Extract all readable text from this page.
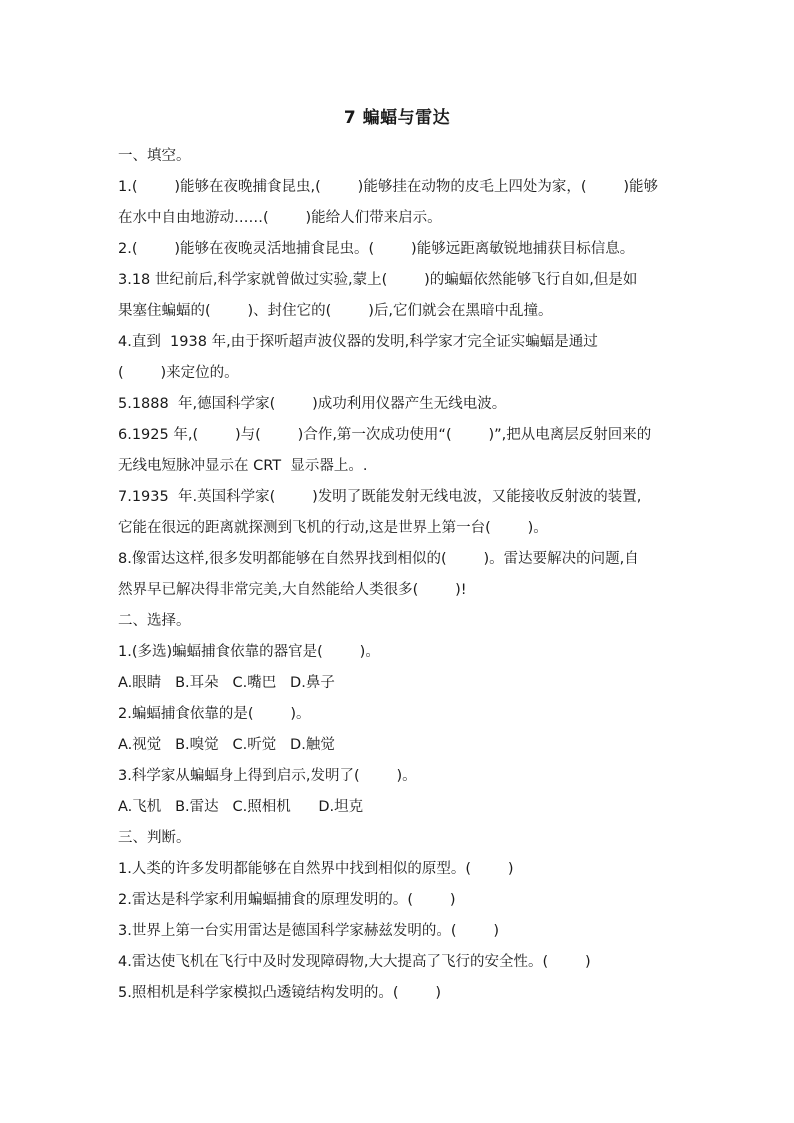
7 蝙蝠与雷达
一、填空。
1.(        )能够在夜晚捕食昆虫,(        )能够挂在动物的皮毛上四处为家，(        )能够
在水中自由地游动……(        )能给人们带来启示。
2.(        )能够在夜晚灵活地捕食昆虫。(        )能够远距离敏锐地捕获目标信息。
3.18 世纪前后,科学家就曾做过实验,蒙上(        )的蝙蝠依然能够飞行自如,但是如
果塞住蝙蝠的(        )、封住它的(        )后,它们就会在黑暗中乱撞。
4.直到  1938 年,由于探听超声波仪器的发明,科学家才完全证实蝙蝠是通过
(        )来定位的。
5.1888  年,德国科学家(        )成功利用仪器产生无线电波。
6.1925 年,(        )与(        )合作,第一次成功使用“(        )”,把从电离层反射回来的
无线电短脉冲显示在 CRT  显示器上。.
7.1935  年.英国科学家(        )发明了既能发射无线电波，又能接收反射波的装置,
它能在很远的距离就探测到飞机的行动,这是世界上第一台(        )。
8.像雷达这样,很多发明都能够在自然界找到相似的(        )。雷达要解决的问题,自
然界早已解决得非常完美,大自然能给人类很多(        )!
二、选择。
1.(多选)蝙蝠捕食依靠的器官是(        )。
A.眼睛   B.耳朵   C.嘴巴   D.鼻子
2.蝙蝠捕食依靠的是(        )。
A.视觉   B.嗅觉   C.听觉   D.触觉
3.科学家从蝙蝠身上得到启示,发明了(        )。
A.飞机   B.雷达   C.照相机      D.坦克
三、判断。
1.人类的许多发明都能够在自然界中找到相似的原型。(        )
2.雷达是科学家利用蝙蝠捕食的原理发明的。(        )
3.世界上第一台实用雷达是德国科学家赫兹发明的。(        )
4.雷达使飞机在飞行中及时发现障碍物,大大提高了飞行的安全性。(        )
5.照相机是科学家模拟凸透镜结构发明的。(        )
